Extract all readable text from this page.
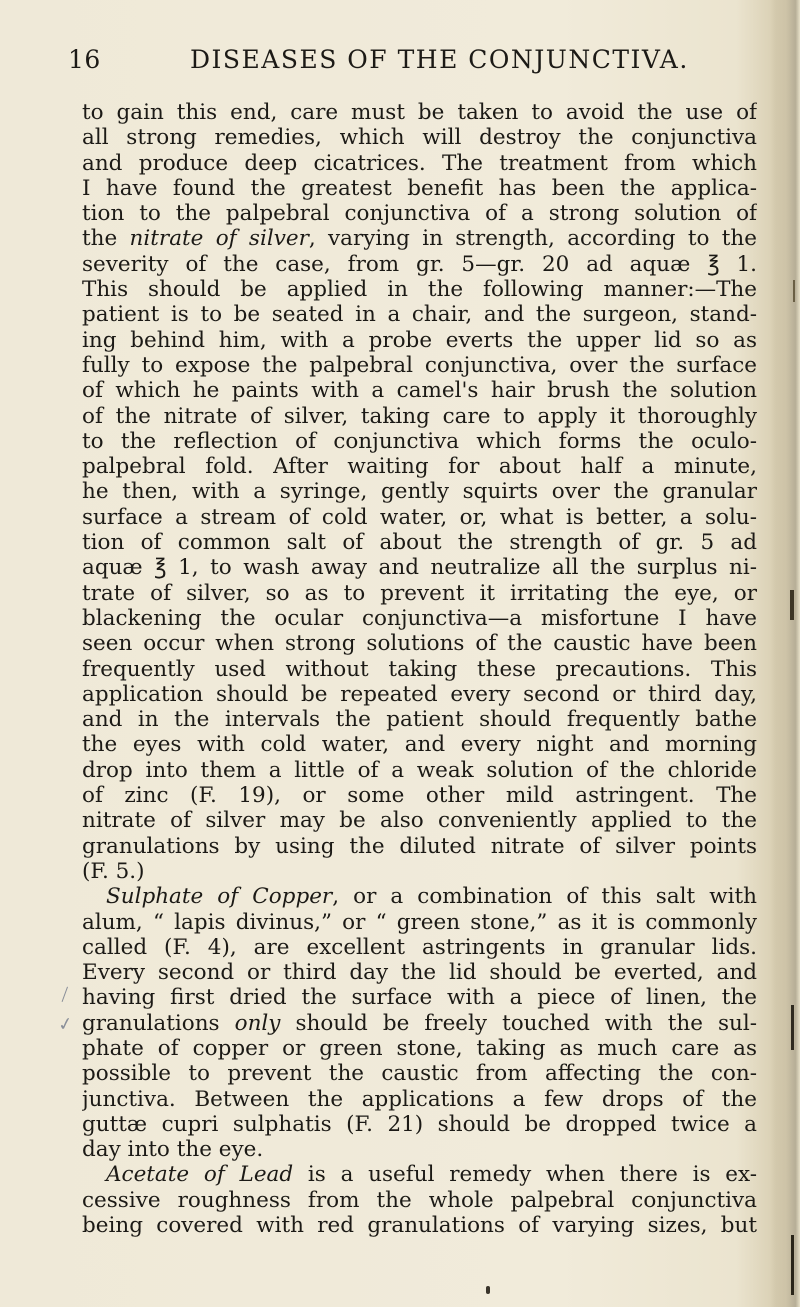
16	DISEASES OF THE CONJUNCTIVA.
to gain this end, care must be taken to avoid the use of
all strong remedies, which will destroy the conjunctiva
and produce deep cicatrices. The treatment from which
I have found the greatest benefit has been the applica-
tion to the palpebral conjunctiva of a strong solution of
the nitrate of silver, varying in strength, according to the
severity of the case, from gr. 5—gr. 20 ad aquæ ℥ 1.
This should be applied in the following manner:—The
patient is to be seated in a chair, and the surgeon, stand-
ing behind him, with a probe everts the upper lid so as
fully to expose the palpebral conjunctiva, over the surface
of which he paints with a camel's hair brush the solution
of the nitrate of silver, taking care to apply it thoroughly
to the reflection of conjunctiva which forms the oculo-
palpebral fold. After waiting for about half a minute,
he then, with a syringe, gently squirts over the granular
surface a stream of cold water, or, what is better, a solu-
tion of common salt of about the strength of gr. 5 ad
aquæ ℥ 1, to wash away and neutralize all the surplus ni-
trate of silver, so as to prevent it irritating the eye, or
blackening the ocular conjunctiva—a misfortune I have
seen occur when strong solutions of the caustic have been
frequently used without taking these precautions. This
application should be repeated every second or third day,
and in the intervals the patient should frequently bathe
the eyes with cold water, and every night and morning
drop into them a little of a weak solution of the chloride
of zinc (F. 19), or some other mild astringent. The
nitrate of silver may be also conveniently applied to the
granulations by using the diluted nitrate of silver points
(F. 5.)
Sulphate of Copper, or a combination of this salt with
alum, “ lapis divinus,” or “ green stone,” as it is commonly
called (F. 4), are excellent astringents in granular lids.
Every second or third day the lid should be everted, and
having first dried the surface with a piece of linen, the
granulations only should be freely touched with the sul-
phate of copper or green stone, taking as much care as
possible to prevent the caustic from affecting the con-
junctiva. Between the applications a few drops of the
guttæ cupri sulphatis (F. 21) should be dropped twice a
day into the eye.
Acetate of Lead is a useful remedy when there is ex-
cessive roughness from the whole palpebral conjunctiva
being covered with red granulations of varying sizes, but
✓
